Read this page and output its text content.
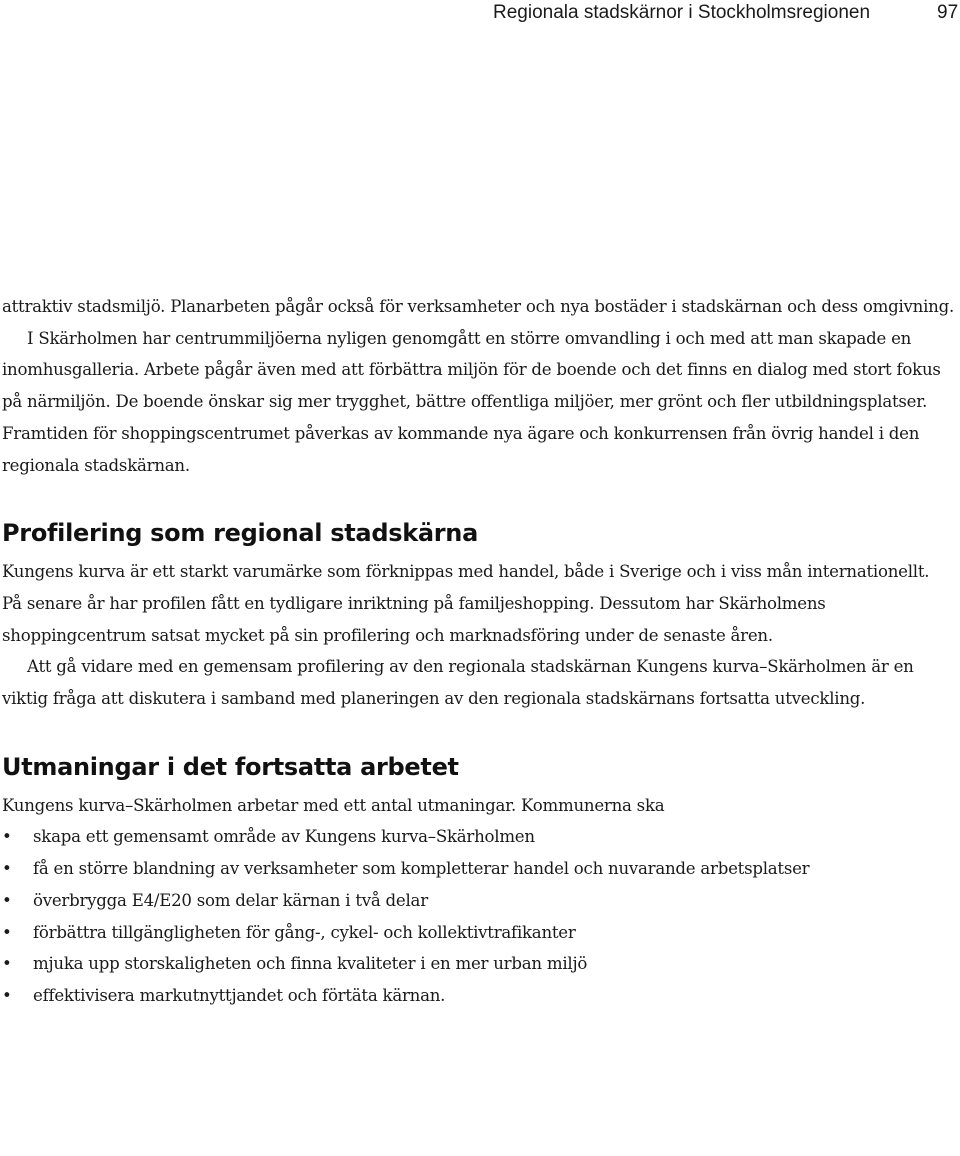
Regionala stadskärnor i Stockholmsregionen	97

attraktiv stadsmiljö. Planarbeten pågår också för verksamheter och nya bostäder i stadskärnan och dess omgivning.

I Skärholmen har centrummiljöerna nyligen genomgått en större omvandling i och med att man skapade en inomhusgalleria. Arbete pågår även med att förbättra miljön för de boende och det finns en dialog med stort fokus på närmiljön. De boende önskar sig mer trygghet, bättre offentliga miljöer, mer grönt och fler utbildningsplatser. Framtiden för shoppingscentrumet påverkas av kommande nya ägare och konkurrensen från övrig handel i den regionala stadskärnan.

Profilering som regional stadskärna

Kungens kurva är ett starkt varumärke som förknippas med handel, både i Sverige och i viss mån internationellt. På senare år har profilen fått en tydligare inriktning på familjeshopping. Dessutom har Skärholmens shoppingcentrum satsat mycket på sin profilering och marknadsföring under de senaste åren.

Att gå vidare med en gemensam profilering av den regionala stadskärnan Kungens kurva–Skärholmen är en viktig fråga att diskutera i samband med planeringen av den regionala stadskärnans fortsatta utveckling.

Utmaningar i det fortsatta arbetet

Kungens kurva–Skärholmen arbetar med ett antal utmaningar. Kommunerna ska

• skapa ett gemensamt område av Kungens kurva–Skärholmen
• få en större blandning av verksamheter som kompletterar handel och nuvarande arbetsplatser
• överbrygga E4/E20 som delar kärnan i två delar
• förbättra tillgängligheten för gång-, cykel- och kollektivtrafikanter
• mjuka upp storskaligheten och finna kvaliteter i en mer urban miljö
• effektivisera markutnyttjandet och förtäta kärnan.
